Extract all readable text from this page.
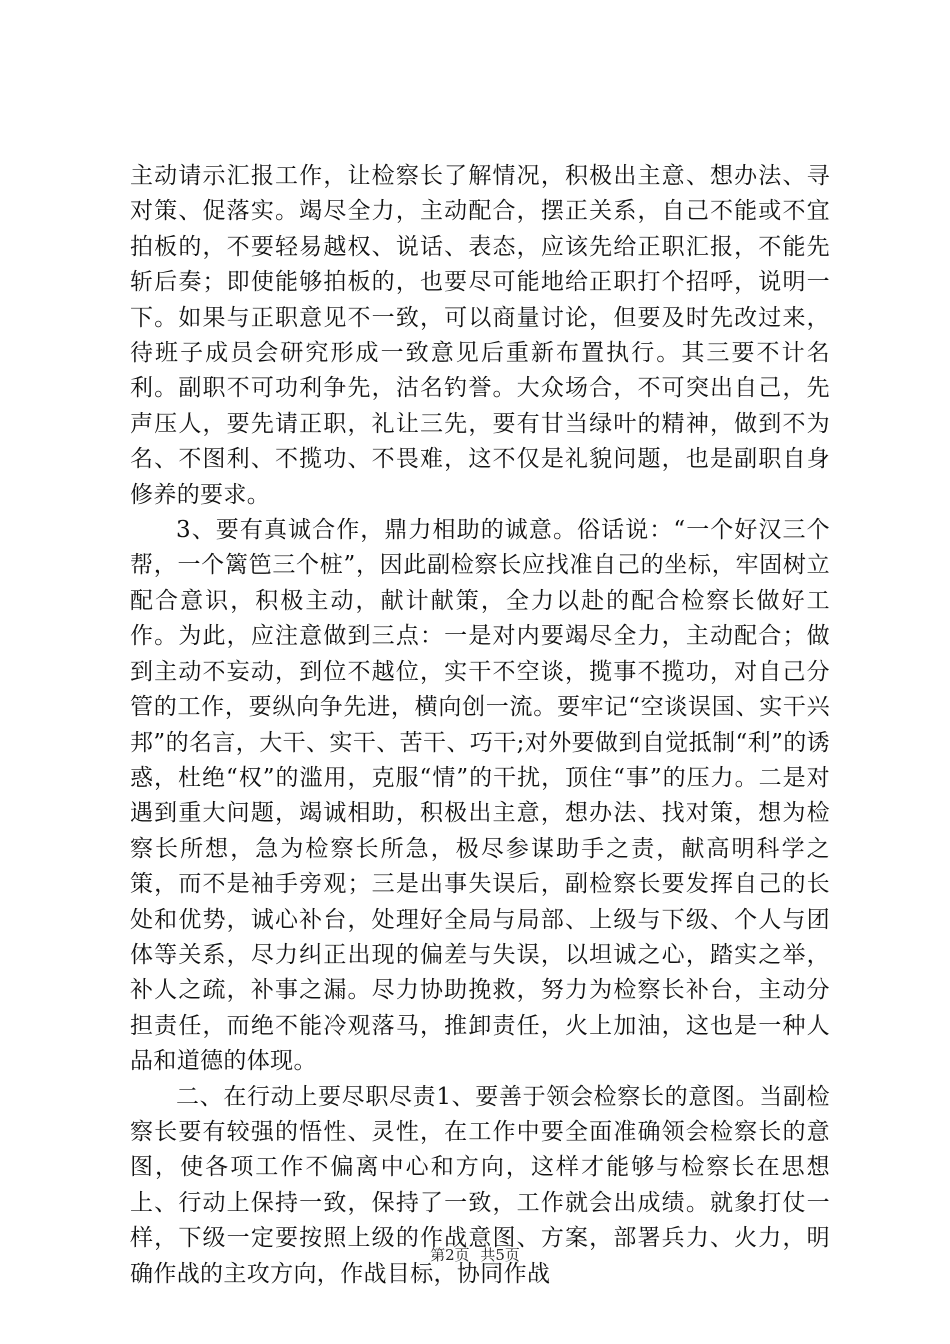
主动请示汇报工作，让检察长了解情况，积极出主意、想办法、寻对策、促落实。竭尽全力，主动配合，摆正关系，自己不能或不宜拍板的，不要轻易越权、说话、表态，应该先给正职汇报，不能先斩后奏；即使能够拍板的，也要尽可能地给正职打个招呼，说明一下。如果与正职意见不一致，可以商量讨论，但要及时先改过来，待班子成员会研究形成一致意见后重新布置执行。其三要不计名利。副职不可功利争先，沽名钓誉。大众场合，不可突出自己，先声压人，要先请正职，礼让三先，要有甘当绿叶的精神，做到不为名、不图利、不揽功、不畏难，这不仅是礼貌问题，也是副职自身修养的要求。

3、要有真诚合作，鼎力相助的诚意。俗话说：“一个好汉三个帮，一个篱笆三个桩”，因此副检察长应找准自己的坐标，牢固树立配合意识，积极主动，献计献策，全力以赴的配合检察长做好工作。为此，应注意做到三点：一是对内要竭尽全力，主动配合；做到主动不妄动，到位不越位，实干不空谈，揽事不揽功，对自己分管的工作，要纵向争先进，横向创一流。要牢记“空谈误国、实干兴邦”的名言，大干、实干、苦干、巧干;对外要做到自觉抵制“利”的诱惑，杜绝“权”的滥用，克服“情”的干扰，顶住“事”的压力。二是对遇到重大问题，竭诚相助，积极出主意，想办法、找对策，想为检察长所想，急为检察长所急，极尽参谋助手之责，献高明科学之策，而不是袖手旁观；三是出事失误后，副检察长要发挥自己的长处和优势，诚心补台，处理好全局与局部、上级与下级、个人与团体等关系，尽力纠正出现的偏差与失误，以坦诚之心，踏实之举，补人之疏，补事之漏。尽力协助挽救，努力为检察长补台，主动分担责任，而绝不能冷观落马，推卸责任，火上加油，这也是一种人品和道德的体现。

二、在行动上要尽职尽责1、要善于领会检察长的意图。当副检察长要有较强的悟性、灵性，在工作中要全面准确领会检察长的意图，使各项工作不偏离中心和方向，这样才能够与检察长在思想上、行动上保持一致，保持了一致，工作就会出成绩。就象打仗一样，下级一定要按照上级的作战意图、方案，部署兵力、火力，明确作战的主攻方向，作战目标，协同作战

第2页 共5页
